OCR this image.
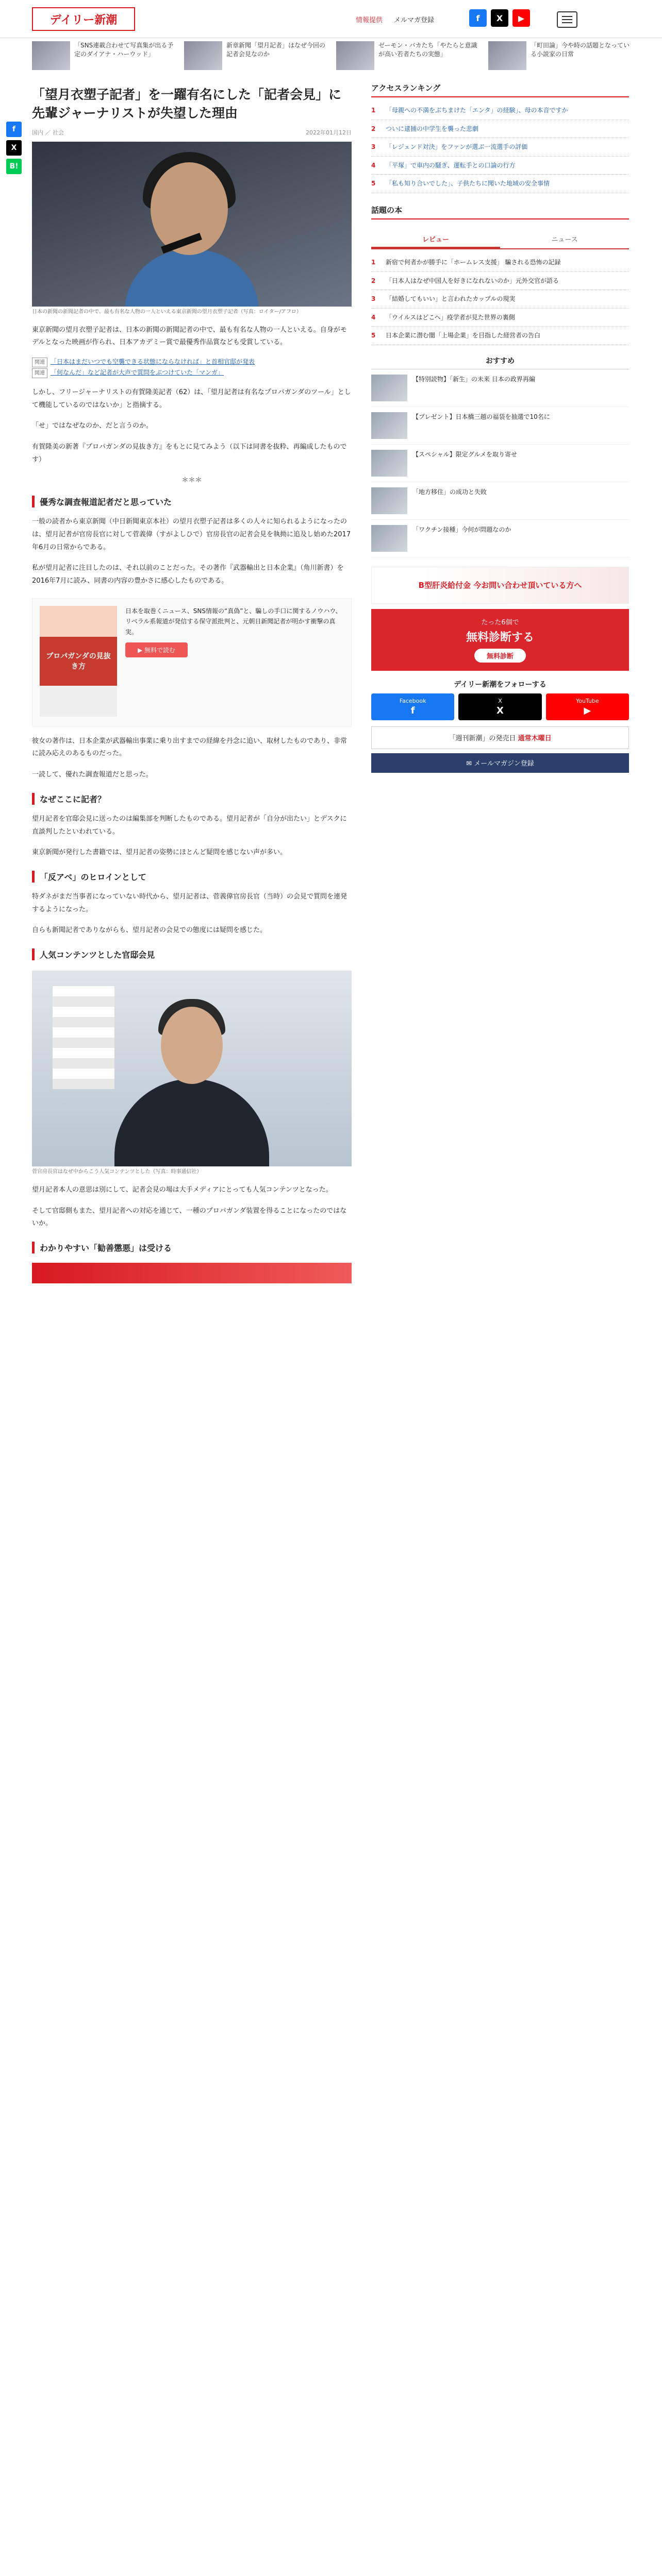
デイリー新潮	情報提供 メルマガ登録	f	X	▶
「SNS連載合わせて写真集が出る予定のダイアナ・ハーウッド」
新章新聞「望月記者」はなぜ今回の記者会見なのか
ゼーモン・バカたち「やたらと意識が高い若者たちの実態」
「町田論」今や時の話題となっている小説家の日常
f
X
B!
「望月衣塑子記者」を一躍有名にした「記者会見」に先輩ジャーナリストが失望した理由
国内 ／ 社会	2022年01月12日
日本の新聞の新聞記者の中で、最も有名な人物の一人といえる東京新聞の望月衣塑子記者（写真：ロイター/アフロ）

東京新聞の望月衣塑子記者は、日本の新聞の新聞記者の中で、最も有名な人物の一人といえる。自身がモデルとなった映画が作られ、日本アカデミー賞で最優秀作品賞なども受賞している。

関連 「日本はまだいつでも空襲できる状態にならなければ」と首相官邸が発表
関連 「何なんだ」など記者が大声で質問をぶつけていた「マンガ」

しかし、フリージャーナリストの有賀隆美記者（62）は、「望月記者は有名なプロパガンダのツール」として機能しているのではないか」と指摘する。

「せ」ではなぜなのか、だと言うのか。

有賀隆美の新著『プロパガンダの見抜き方』をもとに見てみよう（以下は同書を抜粋、再編成したものです）

＊＊＊
優秀な調査報道記者だと思っていた

一般の読者から東京新聞（中日新聞東京本社）の望月衣塑子記者は多くの人々に知られるようになったのは、望月記者が官房長官に対して菅義偉（すがよしひで）官房長官の記者会見を執拗に追及し始めた2017年6月の日常からである。

私が望月記者に注目したのは、それ以前のことだった。その著作『武器輸出と日本企業』（角川新書）を2016年7月に読み、同書の内容の豊かさに感心したものである。

プロパガンダの見抜き方
日本を取巻くニュース、SNS情報の“真偽”と、騙しの手口に関するノウハウ、リベラル系報道が発信する保守派批判と、元朝日新聞記者が明かす衝撃の真実。
▶ 無料で読む

彼女の著作は、日本企業が武器輸出事業に乗り出すまでの経緯を丹念に追い、取材したものであり、非常に読み応えのあるものだった。

一読して、優れた調査報道だと思った。

なぜここに記者？

望月記者を官邸会見に送ったのは編集部を判断したものである。望月記者が「自分が出たい」とデスクに直談判したといわれている。

東京新聞が発行した書籍では、望月記者の姿勢にほとんど疑問を感じない声が多い。

「反アベ」のヒロインとして

特ダネがまだ当事者になっていない時代から、望月記者は、菅義偉官房長官（当時）の会見で質問を連発するようになった。

自らも新聞記者でありながらも、望月記者の会見での態度には疑問を感じた。

人気コンテンツとした官邸会見
菅官房長官はなぜ中からこう人気コンテンツとした（写真：時事通信社）

望月記者本人の意思は別にして、記者会見の場は大手メディアにとっても人気コンテンツとなった。

そして官邸側もまた、望月記者への対応を通じて、一種のプロパガンダ装置を得ることになったのではないか。

わかりやすい「勧善懲悪」は受ける
アクセスランキング
1	「母親への不満をぶちまけた「エンタ」の経験」、母の本音ですか
2	ついに逮捕の中学生を襲った悲劇
3	「レジェンド対決」をファンが選ぶ一流選手の評価
4	「平塚」で車内の騒ぎ、運転手との口論の行方
5	「私も知り合いでした」、子供たちに聞いた地域の安全事情
話題の本
レビュー	ニュース
1	新宿で何者かが勝手に「ホームレス支援」 騙される恐怖の記録
2	「日本人はなぜ中国人を好きになれないのか」元外交官が語る
3	「結婚してもいい」と言われたカップルの現実
4	「ウイルスはどこへ」疫学者が見た世界の裏側
5	日本企業に潜む闇「上場企業」を目指した経営者の告白
おすすめ
【特別読物】「新生」の未来 日本の政界再編
【プレゼント】日本橋三越の福袋を抽選で10名に
【スペシャル】限定グルメを取り寄せ
「地方移住」の成功と失敗
「ワクチン接種」今何が問題なのか
B型肝炎給付金 今お問い合わせ頂いている方へ
たった6個で
無料診断する
無料診断
デイリー新潮をフォローする
Facebook
f
X
X
YouTube
▶
「週刊新潮」の発売日
通常木曜日
✉ メールマガジン登録
